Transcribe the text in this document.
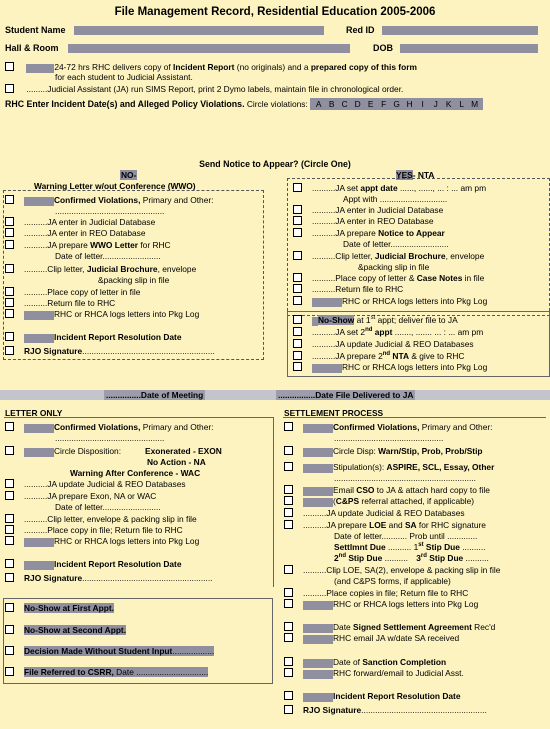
File Management Record, Residential Education 2005-2006
Student Name	Red ID
Hall & Room	DOB
24-72 hrs RHC delivers copy of Incident Report (no originals) and a prepared copy of this form
for each student to Judicial Assistant.
.........Judicial Assistant (JA) run SIMS Report, print 2 Dymo labels, maintain file in chronological order.
RHC Enter Incident Date(s) and Alleged Policy Violations. Circle violations: A B C D E F G H I J K L M
Send Notice to Appear? (Circle One)
NO-
Warning Letter w/out Conference (WWO)
Confirmed Violations, Primary and Other:
...............................................
..........JA enter in Judicial Database
..........JA enter in REO Database
..........JA prepare WWO Letter for RHC
Date of letter.........................
..........Clip letter, Judicial Brochure, envelope
&packing slip in file
..........Place copy of letter in file
..........Return file to RHC
RHC or RHCA logs letters into Pkg Log
Incident Report Resolution Date
RJO Signature.........................................................
YES- NTA
..........JA set appt date ......, ......, ... : ... am pm
Appt with .............................
..........JA enter in Judicial Database
..........JA enter in REO Database
..........JA prepare Notice to Appear
Date of letter.........................
..........Clip letter, Judicial Brochure, envelope
&packing slip in file
..........Place copy of letter & Case Notes in file
..........Return file to RHC
RHC or RHCA logs letters into Pkg Log
No-Show at 1st appt; deliver file to JA
..........JA set 2nd appt ......., ....... ... : ... am pm
..........JA update Judicial & REO Databases
..........JA prepare 2nd NTA & give to RHC
RHC or RHCA logs letters into Pkg Log
...............Date of Meeting	................Date File Delivered to JA
LETTER ONLY
Confirmed Violations, Primary and Other:
...............................................
Circle Disposition:	Exonerated - EXON
No Action - NA
Warning After Conference - WAC
..........JA update Judicial & REO Databases
..........JA prepare Exon, NA or WAC
Date of letter.........................
..........Clip letter, envelope & packing slip in file
..........Place copy in file; Return file to RHC
RHC or RHCA logs letters into Pkg Log
Incident Report Resolution Date
RJO Signature........................................................
No-Show at First Appt.
No-Show at Second Appt.
Decision Made Without Student Input..................
File Referred to CSRR, Date ...............................
SETTLEMENT PROCESS
Confirmed Violations, Primary and Other:
...............................................
Circle Disp: Warn/Stip, Prob, Prob/Stip
Stipulation(s): ASPIRE, SCL, Essay, Other
.............................................................
Email CSO to JA & attach hard copy to file
(C&PS referral attached, if applicable)
..........JA update Judicial & REO Databases
..........JA prepare LOE and SA for RHC signature
Date of letter........... Prob until .............
Settlmnt Due .......... 1st Stip Due ..........
2nd Stip Due .......... 3rd Stip Due ..........
..........Clip LOE, SA(2), envelope & packing slip in file
(and C&PS forms, if applicable)
..........Place copies in file; Return file to RHC
RHC or RHCA logs letters into Pkg Log
Date Signed Settlement Agreement Rec'd
RHC email JA w/date SA received
Date of Sanction Completion
RHC forward/email to Judicial Asst.
Incident Report Resolution Date
RJO Signature......................................................
